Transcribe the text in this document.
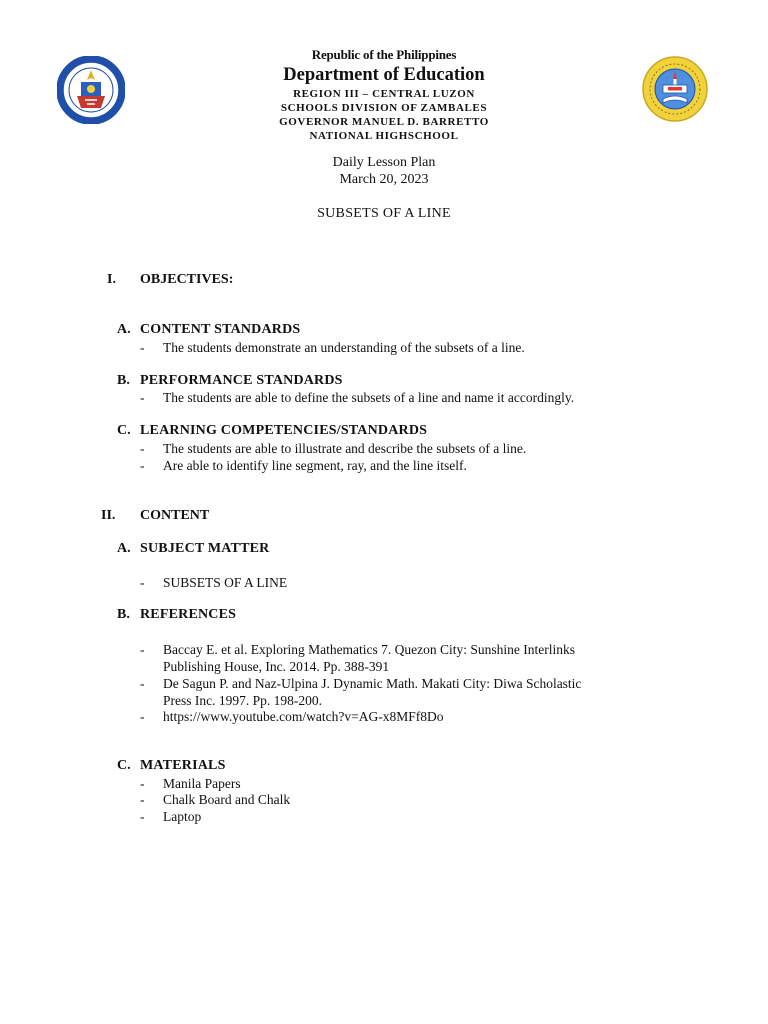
Republic of the Philippines
Department of Education
REGION III – CENTRAL LUZON
SCHOOLS DIVISION OF ZAMBALES
GOVERNOR MANUEL D. BARRETTO
NATIONAL HIGHSCHOOL
Daily Lesson Plan
March 20, 2023
SUBSETS OF A LINE
I. OBJECTIVES:
A. CONTENT STANDARDS
- The students demonstrate an understanding of the subsets of a line.
B. PERFORMANCE STANDARDS
- The students are able to define the subsets of a line and name it accordingly.
C. LEARNING COMPETENCIES/STANDARDS
- The students are able to illustrate and describe the subsets of a line.
- Are able to identify line segment, ray, and the line itself.
II. CONTENT
A. SUBJECT MATTER
- SUBSETS OF A LINE
B. REFERENCES
- Baccay E. et al. Exploring Mathematics 7. Quezon City: Sunshine Interlinks
Publishing House, Inc. 2014. Pp. 388-391
- De Sagun P. and Naz-Ulpina J. Dynamic Math. Makati City: Diwa Scholastic
Press Inc. 1997. Pp. 198-200.
- https://www.youtube.com/watch?v=AG-x8MFf8Do
C. MATERIALS
- Manila Papers
- Chalk Board and Chalk
- Laptop
